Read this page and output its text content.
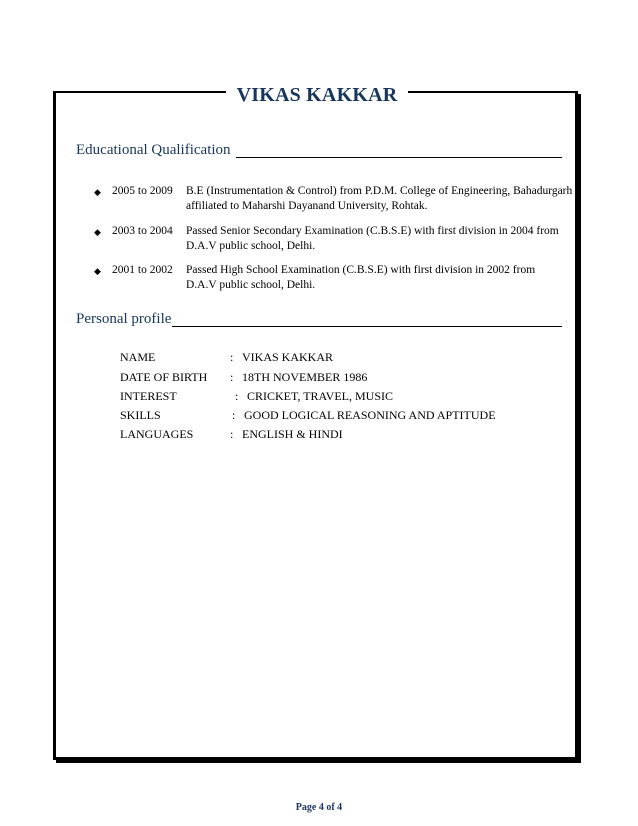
VIKAS KAKKAR
Educational Qualification
◆ 2005 to 2009 B.E (Instrumentation & Control) from P.D.M. College of Engineering, Bahadurgarh
affiliated to Maharshi Dayanand University, Rohtak.
◆ 2003 to 2004 Passed Senior Secondary Examination (C.B.S.E) with first division in 2004 from
D.A.V public school, Delhi.
◆ 2001 to 2002 Passed High School Examination (C.B.S.E) with first division in 2002 from
D.A.V public school, Delhi.
Personal profile
NAME	: VIKAS KAKKAR
DATE OF BIRTH : 18TH NOVEMBER 1986
INTEREST	: CRICKET, TRAVEL, MUSIC
SKILLS	: GOOD LOGICAL REASONING AND APTITUDE
LANGUAGES	: ENGLISH & HINDI
Page 4 of 4
